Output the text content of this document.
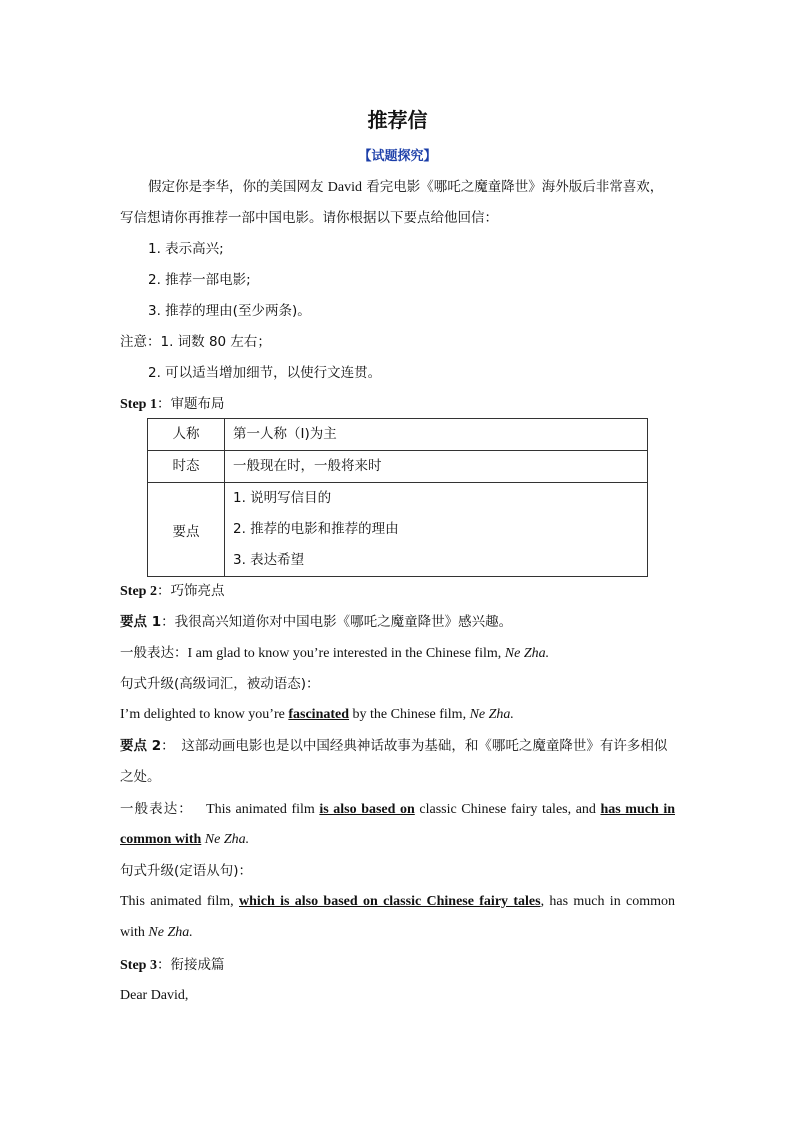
推荐信
【试题探究】
假定你是李华，你的美国网友 David 看完电影《哪吒之魔童降世》海外版后非常喜欢，
写信想请你再推荐一部中国电影。请你根据以下要点给他回信：
1. 表示高兴;
2. 推荐一部电影;
3. 推荐的理由(至少两条)。
注意：1. 词数 80 左右；
2. 可以适当增加细节，以使行文连贯。
Step 1：审题布局
人称	第一人称（I)为主

时态	一般现在时，一般将来时

要点	1. 说明写信目的
2. 推荐的电影和推荐的理由
3. 表达希望
Step 2：巧饰亮点
要点 1：我很高兴知道你对中国电影《哪吒之魔童降世》感兴趣。
一般表达：I am glad to know you’re interested in the Chinese film, Ne Zha.
句式升级(高级词汇，被动语态)：
I’m delighted to know you’re fascinated by the Chinese film, Ne Zha.
要点 2：　这部动画电影也是以中国经典神话故事为基础，和《哪吒之魔童降世》有许多相似
之处。
一般表达：　 This animated film is also based on classic Chinese fairy tales, and has much in
common with Ne Zha.
句式升级(定语从句)：
This animated film, which is also based on classic Chinese fairy tales, has much in common
with Ne Zha.
Step 3：衔接成篇
Dear David,
